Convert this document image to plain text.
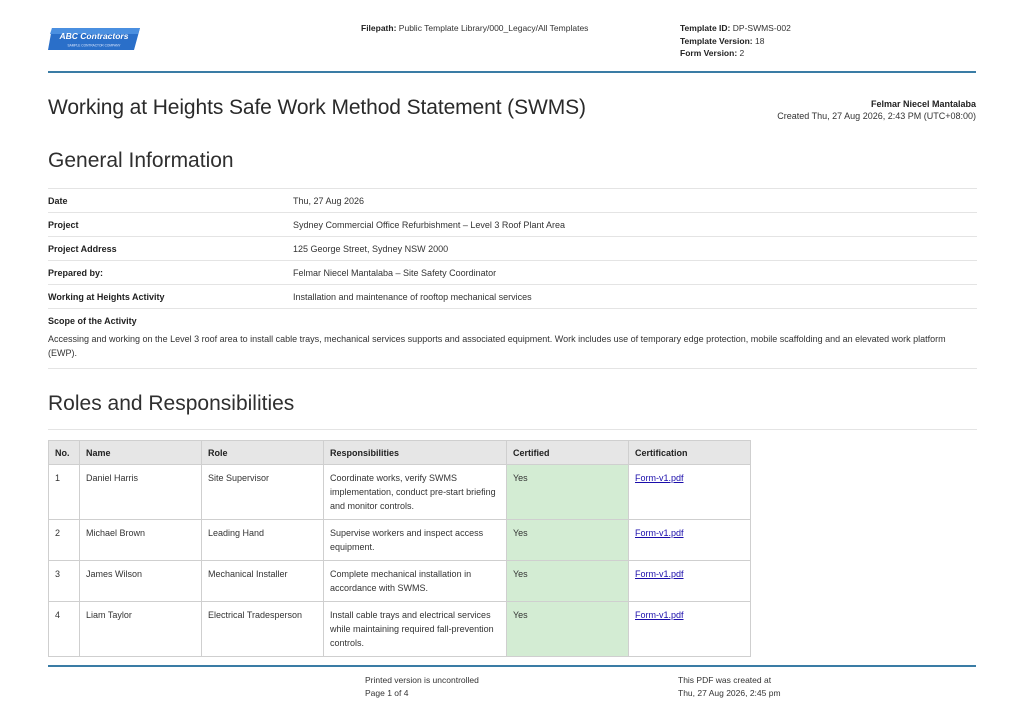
ABC Contractors
SAMPLE CONTRACTOR COMPANY
Filepath: Public Template Library/000_Legacy/All Templates	Template ID: DP-SWMS-002
Template Version: 18
Form Version: 2
Working at Heights Safe Work Method Statement (SWMS)	Felmar Niecel Mantalaba
Created Thu, 27 Aug 2026, 2:43 PM (UTC+08:00)
General Information
Date	Thu, 27 Aug 2026
Project	Sydney Commercial Office Refurbishment – Level 3 Roof Plant Area
Project Address	125 George Street, Sydney NSW 2000
Prepared by:	Felmar Niecel Mantalaba – Site Safety Coordinator
Working at Heights Activity	Installation and maintenance of rooftop mechanical services
Scope of the Activity
Accessing and working on the Level 3 roof area to install cable trays, mechanical services supports and associated equipment. Work includes use of temporary edge protection, mobile scaffolding and an elevated work platform (EWP).
Roles and Responsibilities
No.	Name	Role	Responsibilities	Certified	Certification
1	Daniel Harris	Site Supervisor	Coordinate works, verify SWMS implementation, conduct pre-start briefing and monitor controls.	Yes	Form-v1.pdf
2	Michael Brown	Leading Hand	Supervise workers and inspect access equipment.	Yes	Form-v1.pdf
3	James Wilson	Mechanical Installer	Complete mechanical installation in accordance with SWMS.	Yes	Form-v1.pdf
4	Liam Taylor	Electrical Tradesperson	Install cable trays and electrical services while maintaining required fall-prevention controls.	Yes	Form-v1.pdf
Printed version is uncontrolled
Page 1 of 4
This PDF was created at
Thu, 27 Aug 2026, 2:45 pm
